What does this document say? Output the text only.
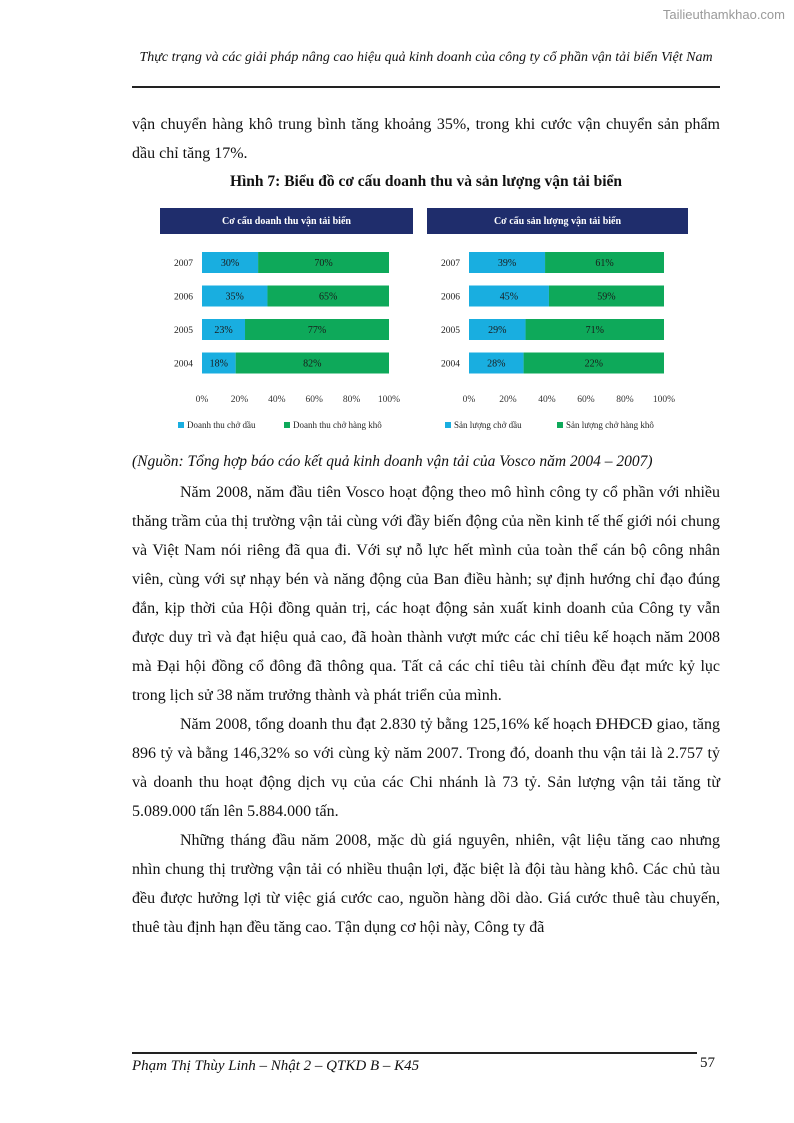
Tailieuthamkhao.com
Thực trạng và các giải pháp nâng cao hiệu quả kinh doanh của công ty cổ phần vận tải biển Việt Nam

vận chuyển hàng khô trung bình tăng khoảng 35%, trong khi cước vận chuyển sản phẩm dầu chỉ tăng 17%.

Hình 7: Biểu đồ cơ cấu doanh thu và sản lượng vận tải biển
Cơ cấu doanh thu vận tải biển
2007	30%	70%
2006	35%	65%
2005 23%	77%
2004 18%	82%
0% 20% 40% 60% 80% 100%
Doanh thu chở dầu	Doanh thu chở hàng khô
Cơ cấu sản lượng vận tải biển
2007	39%	61%
2006	45%	59%
2005	29%	71%
2004	28%	22%
0%	20% 40% 60% 80% 100%
Sản lượng chở dầu	Sản lượng chở hàng khô
(Nguồn: Tổng hợp báo cáo kết quả kinh doanh vận tải của Vosco năm 2004 – 2007)

Năm 2008, năm đầu tiên Vosco hoạt động theo mô hình công ty cổ phần với nhiều thăng trầm của thị trường vận tải cùng với đầy biến động của nền kinh tế thế giới nói chung và Việt Nam nói riêng đã qua đi. Với sự nỗ lực hết mình của toàn thể cán bộ công nhân viên, cùng với sự nhạy bén và năng động của Ban điều hành; sự định hướng chỉ đạo đúng đắn, kịp thời của Hội đồng quản trị, các hoạt động sản xuất kinh doanh của Công ty vẫn được duy trì và đạt hiệu quả cao, đã hoàn thành vượt mức các chỉ tiêu kế hoạch năm 2008 mà Đại hội đồng cổ đông đã thông qua. Tất cả các chỉ tiêu tài chính đều đạt mức kỷ lục trong lịch sử 38 năm trưởng thành và phát triển của mình.

Năm 2008, tổng doanh thu đạt 2.830 tỷ bằng 125,16% kế hoạch ĐHĐCĐ giao, tăng 896 tỷ và bằng 146,32% so với cùng kỳ năm 2007. Trong đó, doanh thu vận tải là 2.757 tỷ và doanh thu hoạt động dịch vụ của các Chi nhánh là 73 tỷ. Sản lượng vận tải tăng từ 5.089.000 tấn lên 5.884.000 tấn.

Những tháng đầu năm 2008, mặc dù giá nguyên, nhiên, vật liệu tăng cao nhưng nhìn chung thị trường vận tải có nhiều thuận lợi, đặc biệt là đội tàu hàng khô. Các chủ tàu đều được hưởng lợi từ việc giá cước cao, nguồn hàng dồi dào. Giá cước thuê tàu chuyến, thuê tàu định hạn đều tăng cao. Tận dụng cơ hội này, Công ty đã

Phạm Thị Thùy Linh – Nhật 2 – QTKD B – K45	57
